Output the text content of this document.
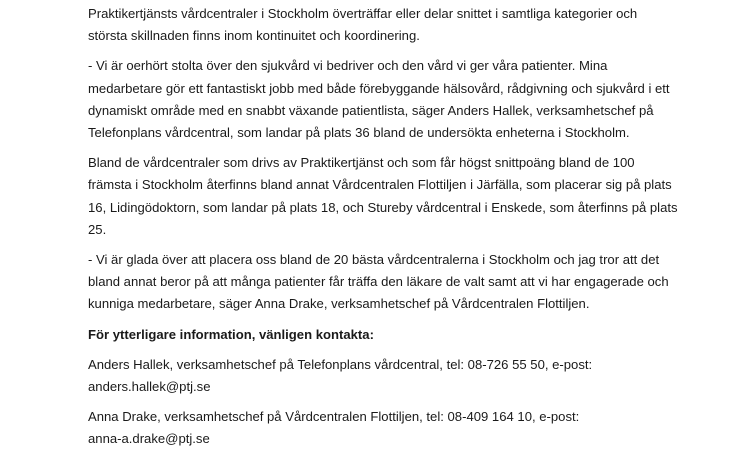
Praktikertjänsts vårdcentraler i Stockholm överträffar eller delar snittet i samtliga kategorier och
största skillnaden finns inom kontinuitet och koordinering.

- Vi är oerhört stolta över den sjukvård vi bedriver och den vård vi ger våra patienter. Mina
medarbetare gör ett fantastiskt jobb med både förebyggande hälsovård, rådgivning och sjukvård i ett
dynamiskt område med en snabbt växande patientlista, säger Anders Hallek, verksamhetschef på
Telefonplans vårdcentral, som landar på plats 36 bland de undersökta enheterna i Stockholm.

Bland de vårdcentraler som drivs av Praktikertjänst och som får högst snittpoäng bland de 100
främsta i Stockholm återfinns bland annat Vårdcentralen Flottiljen i Järfälla, som placerar sig på plats
16, Lidingödoktorn, som landar på plats 18, och Stureby vårdcentral i Enskede, som återfinns på plats
25.

- Vi är glada över att placera oss bland de 20 bästa vårdcentralerna i Stockholm och jag tror att det
bland annat beror på att många patienter får träffa den läkare de valt samt att vi har engagerade och
kunniga medarbetare, säger Anna Drake, verksamhetschef på Vårdcentralen Flottiljen.

För ytterligare information, vänligen kontakta:

Anders Hallek, verksamhetschef på Telefonplans vårdcentral, tel: 08-726 55 50, e-post:
anders.hallek@ptj.se

Anna Drake, verksamhetschef på Vårdcentralen Flottiljen, tel: 08-409 164 10, e-post:
anna-a.drake@ptj.se
